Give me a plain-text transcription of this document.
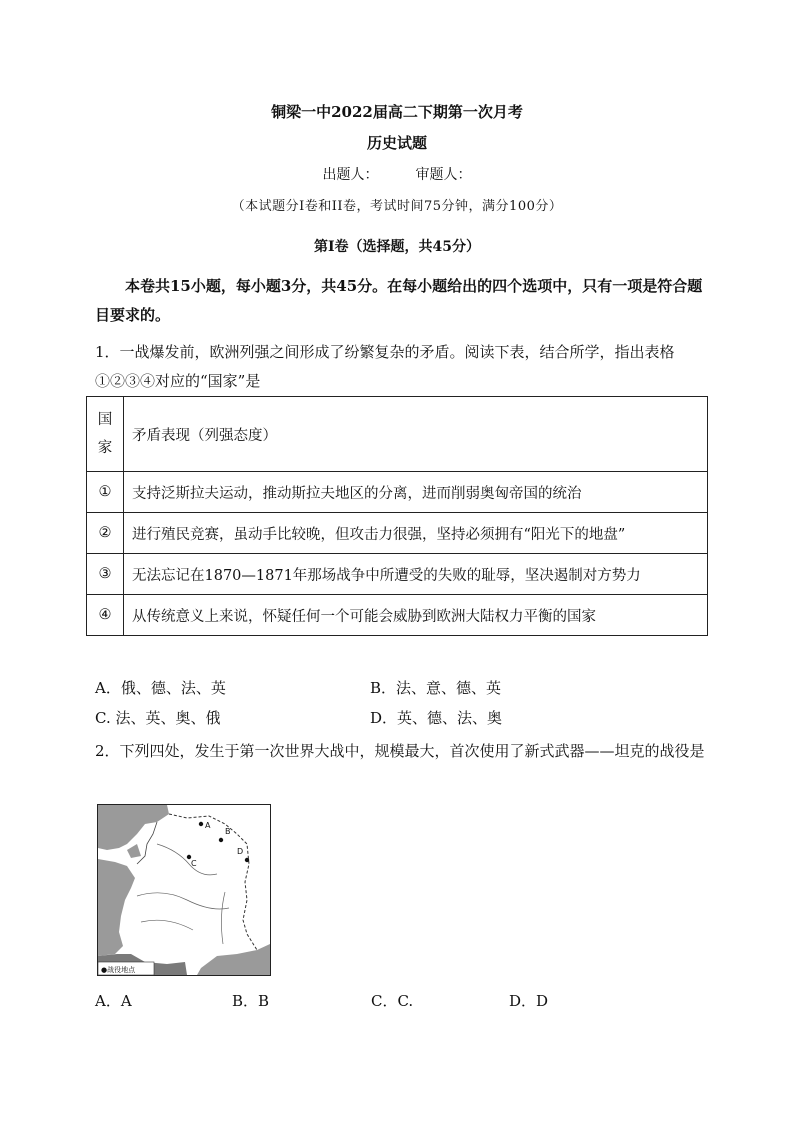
铜梁一中2022届高二下期第一次月考
历史试题
出题人：	审题人：
（本试题分Ⅰ卷和ⅠⅠ卷，考试时间75分钟，满分100分）
第Ⅰ卷（选择题，共45分）
本卷共15小题，每小题3分，共45分。在每小题给出的四个选项中，只有一项是符合题目要求的。
1．一战爆发前，欧洲列强之间形成了纷繁复杂的矛盾。阅读下表，结合所学，指出表格①②③④对应的“国家”是
国家	矛盾表现（列强态度）
①	支持泛斯拉夫运动，推动斯拉夫地区的分离，进而削弱奥匈帝国的统治
②	进行殖民竞赛，虽动手比较晚，但攻击力很强，坚持必须拥有“阳光下的地盘”
③	无法忘记在1870—1871年那场战争中所遭受的失败的耻辱，坚决遏制对方势力
④	从传统意义上来说，怀疑任何一个可能会威胁到欧洲大陆权力平衡的国家
A．俄、德、法、英	B．法、意、德、英
C. 法、英、奥、俄	D．英、德、法、奥
2．下列四处，发生于第一次世界大战中，规模最大，首次使用了新式武器——坦克的战役是
A
B
C
D
●战役地点
A．A	B．B	C．C.	D．D
